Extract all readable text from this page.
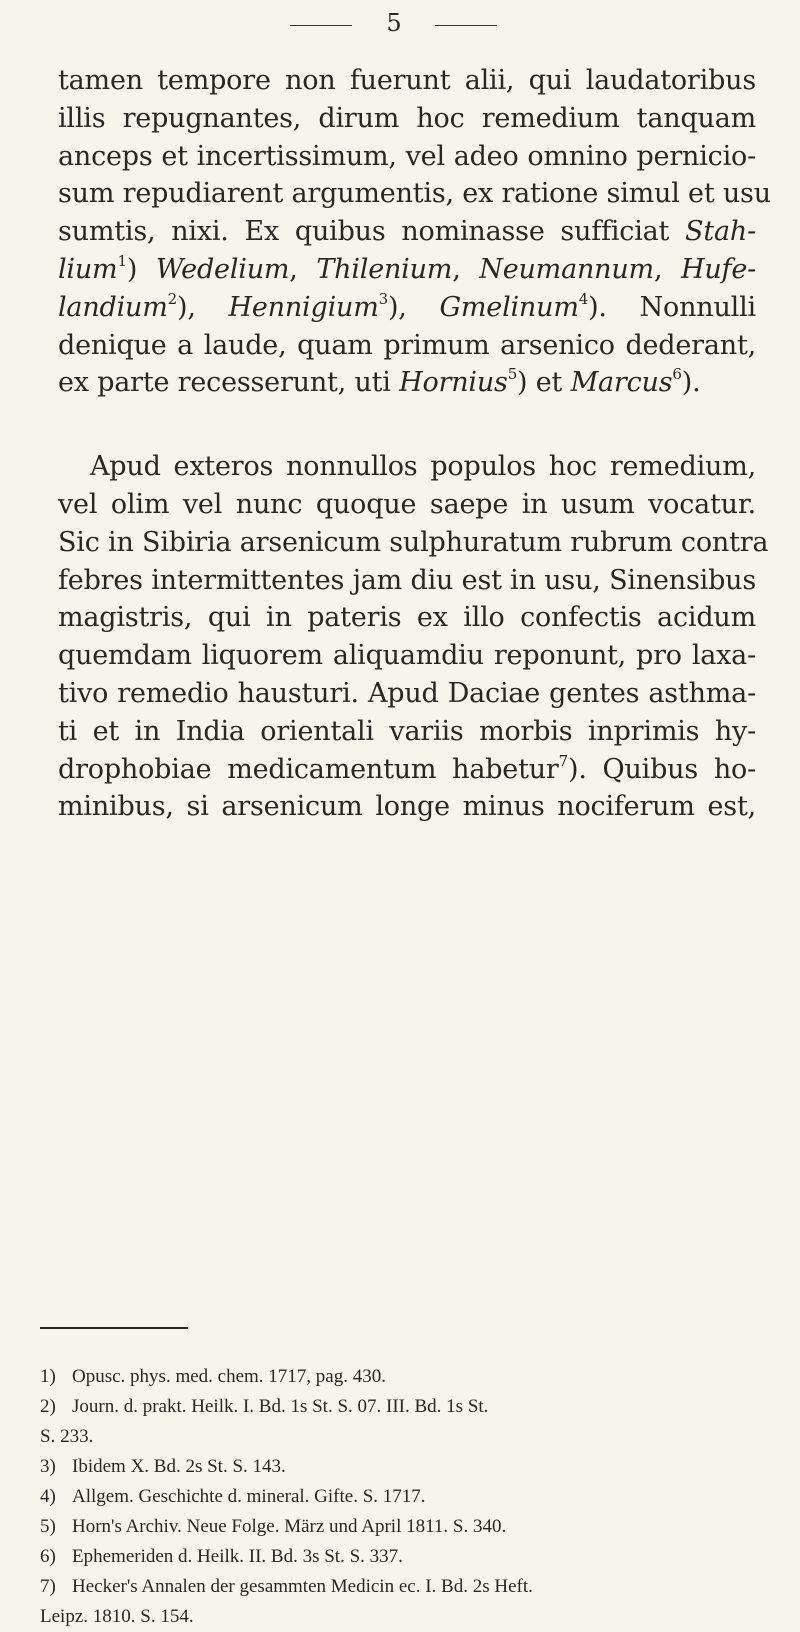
5
tamen tempore non fuerunt alii, qui laudatoribus
illis repugnantes, dirum hoc remedium tanquam
anceps et incertissimum, vel adeo omnino pernicio-
sum repudiarent argumentis, ex ratione simul et usu
sumtis, nixi. Ex quibus nominasse sufficiat Stah-
lium$^1$) Wedelium, Thilenium, Neumannum, Hufe-
landium$^2$), Hennigium$^3$), Gmelinum$^4$). Nonnulli
denique a laude, quam primum arsenico dederant,
ex parte recesserunt, uti Hornius$^5$) et Marcus$^6$).
Apud exteros nonnullos populos hoc remedium,
vel olim vel nunc quoque saepe in usum vocatur.
Sic in Sibiria arsenicum sulphuratum rubrum contra
febres intermittentes jam diu est in usu, Sinensibus
magistris, qui in pateris ex illo confectis acidum
quemdam liquorem aliquamdiu reponunt, pro laxa-
tivo remedio hausturi. Apud Daciae gentes asthma-
ti et in India orientali variis morbis inprimis hy-
drophobiae medicamentum habetur$^7$). Quibus ho-
minibus, si arsenicum longe minus nociferum est,
1) Opusc. phys. med. chem. 1717, pag. 430.
2) Journ. d. prakt. Heilk. I. Bd. 1s St. S. 07. III. Bd. 1s St.
S. 233.
3) Ibidem X. Bd. 2s St. S. 143.
4) Allgem. Geschichte d. mineral. Gifte. S. 1717.
5) Horn's Archiv. Neue Folge. März und April 1811. S. 340.
6) Ephemeriden d. Heilk. II. Bd. 3s St. S. 337.
7) Hecker's Annalen der gesammten Medicin ec. I. Bd. 2s Heft.
Leipz. 1810. S. 154.
